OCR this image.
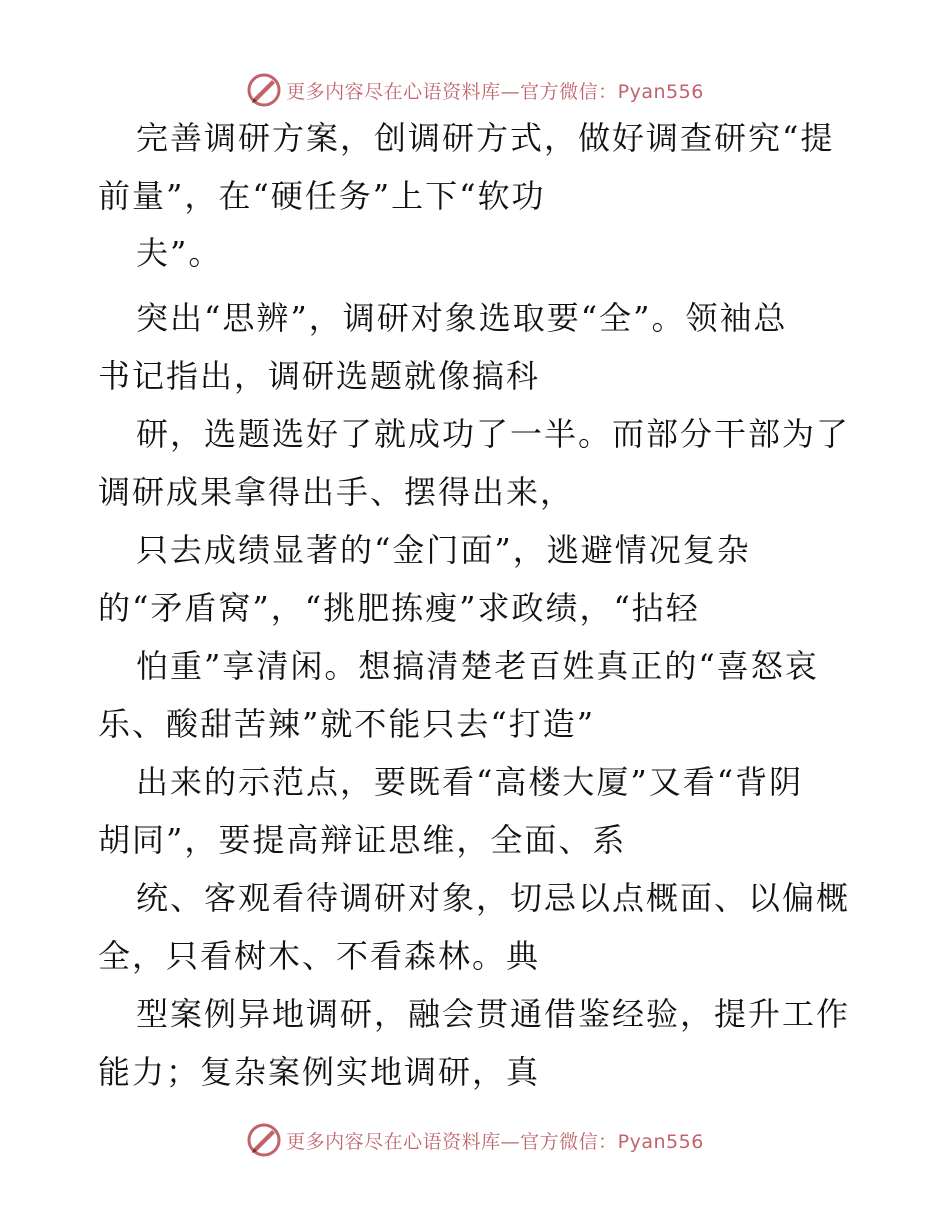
更多内容尽在心语资料库—官方微信：Pyan556
完善调研方案，创调研方式，做好调查研究“提
前量”，在“硬任务”上下“软功
夫”。
突出“思辨”，调研对象选取要“全”。领袖总
书记指出，调研选题就像搞科
研，选题选好了就成功了一半。而部分干部为了
调研成果拿得出手、摆得出来，
只去成绩显著的“金门面”，逃避情况复杂
的“矛盾窝”，“挑肥拣瘦”求政绩，“拈轻
怕重”享清闲。想搞清楚老百姓真正的“喜怒哀
乐、酸甜苦辣”就不能只去“打造”
出来的示范点，要既看“高楼大厦”又看“背阴
胡同”，要提高辩证思维，全面、系
统、客观看待调研对象，切忌以点概面、以偏概
全，只看树木、不看森林。典
型案例异地调研，融会贯通借鉴经验，提升工作
能力；复杂案例实地调研，真
更多内容尽在心语资料库—官方微信：Pyan556
